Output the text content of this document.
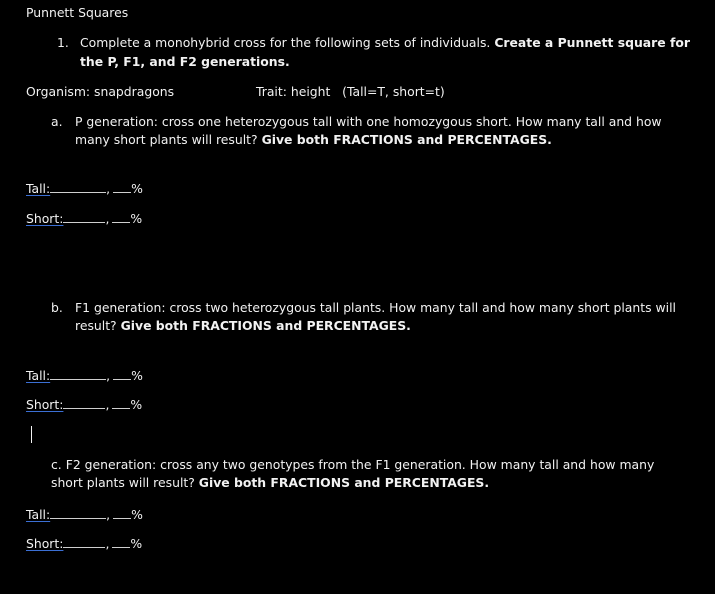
Punnett Squares
1. Complete a monohybrid cross for the following sets of individuals. Create a Punnett square for
the P, F1, and F2 generations.
Organism: snapdragons	Trait: height   (Tall=T, short=t)
a. P generation: cross one heterozygous tall with one homozygous short. How many tall and how
many short plants will result? Give both FRACTIONS and PERCENTAGES.
Tall:	, %
Short:	, %
b. F1 generation: cross two heterozygous tall plants. How many tall and how many short plants will
result? Give both FRACTIONS and PERCENTAGES.
Tall:	, %
Short:	, %
c. F2 generation: cross any two genotypes from the F1 generation. How many tall and how many
short plants will result? Give both FRACTIONS and PERCENTAGES.
Tall:	, %
Short:	, %
